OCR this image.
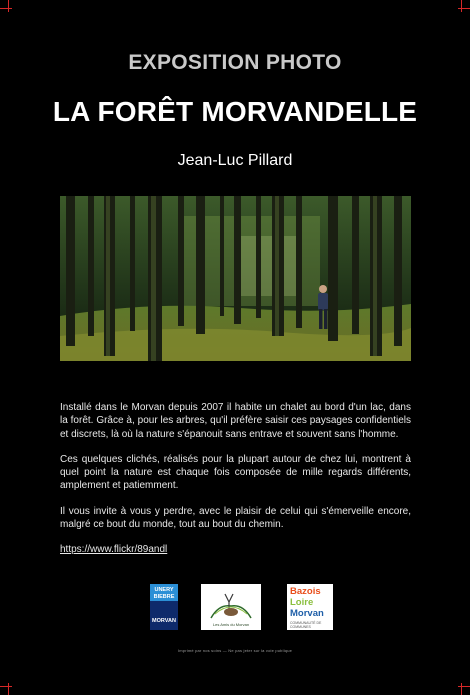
EXPOSITION PHOTO
LA FORÊT MORVANDELLE
Jean-Luc Pillard

Installé dans le Morvan depuis 2007 il habite un chalet au bord d'un lac, dans la forêt. Grâce à, pour les arbres, qu'il préfère saisir ces paysages confidentiels et discrets, là où la nature s'épanouit sans entrave et souvent sans l'homme.

Ces quelques clichés, réalisés pour la plupart autour de chez lui, montrent à quel point la nature est chaque fois composée de mille regards différents, amplement et patiemment.

Il vous invite à vous y perdre, avec le plaisir de celui qui s'émerveille encore, malgré ce bout du monde, tout au bout du chemin.

https://www.flickr/89andl
UNERY
BIEBRE
MORVAN
Les Amis du Morvan
Bazois
Loire
Morvan
COMMUNAUTÉ DE COMMUNES
Imprimé par nos soins — Ne pas jeter sur la voie publique
